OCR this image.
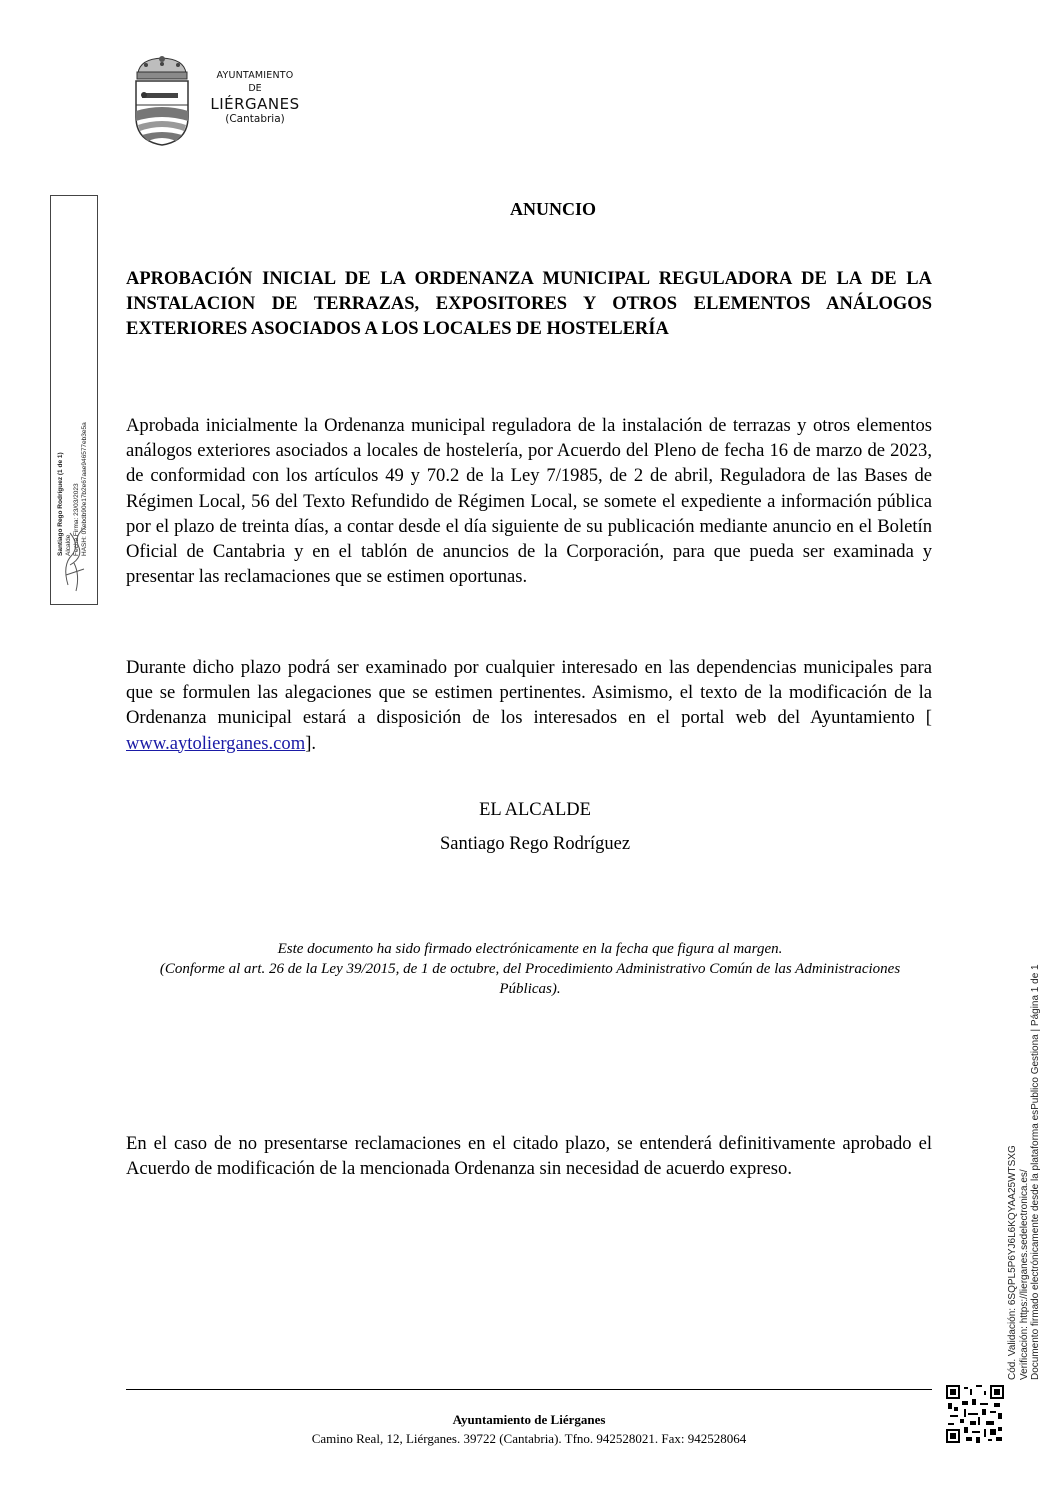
AYUNTAMIENTO
DE
LIÉRGANES
(Cantabria)
Santiago Rego Rodríguez (1 de 1) Alcalde Fecha Firma: 23/03/2023 HASH: 07ebdb90e17b2e67aae946577eb3e5a
ANUNCIO
APROBACIÓN INICIAL DE LA ORDENANZA MUNICIPAL REGULADORA DE LA DE LA INSTALACION DE TERRAZAS, EXPOSITORES Y OTROS ELEMENTOS ANÁLOGOS EXTERIORES ASOCIADOS A LOS LOCALES DE HOSTELERÍA
Aprobada inicialmente la Ordenanza municipal reguladora de la instalación de terrazas y otros elementos análogos exteriores asociados a locales de hostelería, por Acuerdo del Pleno de fecha 16 de marzo de 2023, de conformidad con los artículos 49 y 70.2 de la Ley 7/1985, de 2 de abril, Reguladora de las Bases de Régimen Local, 56 del Texto Refundido de Régimen Local, se somete el expediente a información pública por el plazo de treinta días, a contar desde el día siguiente de su publicación mediante anuncio en el Boletín Oficial de Cantabria y en el tablón de anuncios de la Corporación, para que pueda ser examinada y presentar las reclamaciones que se estimen oportunas.
Durante dicho plazo podrá ser examinado por cualquier interesado en las dependencias municipales para que se formulen las alegaciones que se estimen pertinentes. Asimismo, el texto de la modificación de la Ordenanza municipal estará a disposición de los interesados en el portal web del Ayuntamiento [ www.aytolierganes.com].
EL ALCALDE
Santiago Rego Rodríguez
Este documento ha sido firmado electrónicamente en la fecha que figura al margen.
(Conforme al art. 26 de la Ley 39/2015, de 1 de octubre, del Procedimiento Administrativo Común de las Administraciones Públicas).
En el caso de no presentarse reclamaciones en el citado plazo, se entenderá definitivamente aprobado el Acuerdo de modificación de la mencionada Ordenanza sin necesidad de acuerdo expreso.	Cód. Validación: 6SQPL5P6YJ6L6KQYAA25WTSXG Verificación: https://lierganes.sedelectronica.es/ Documento firmado electrónicamente desde la plataforma esPublico Gestiona | Página 1 de 1
Ayuntamiento de Liérganes
Camino Real, 12, Liérganes. 39722 (Cantabria). Tfno. 942528021. Fax: 942528064
